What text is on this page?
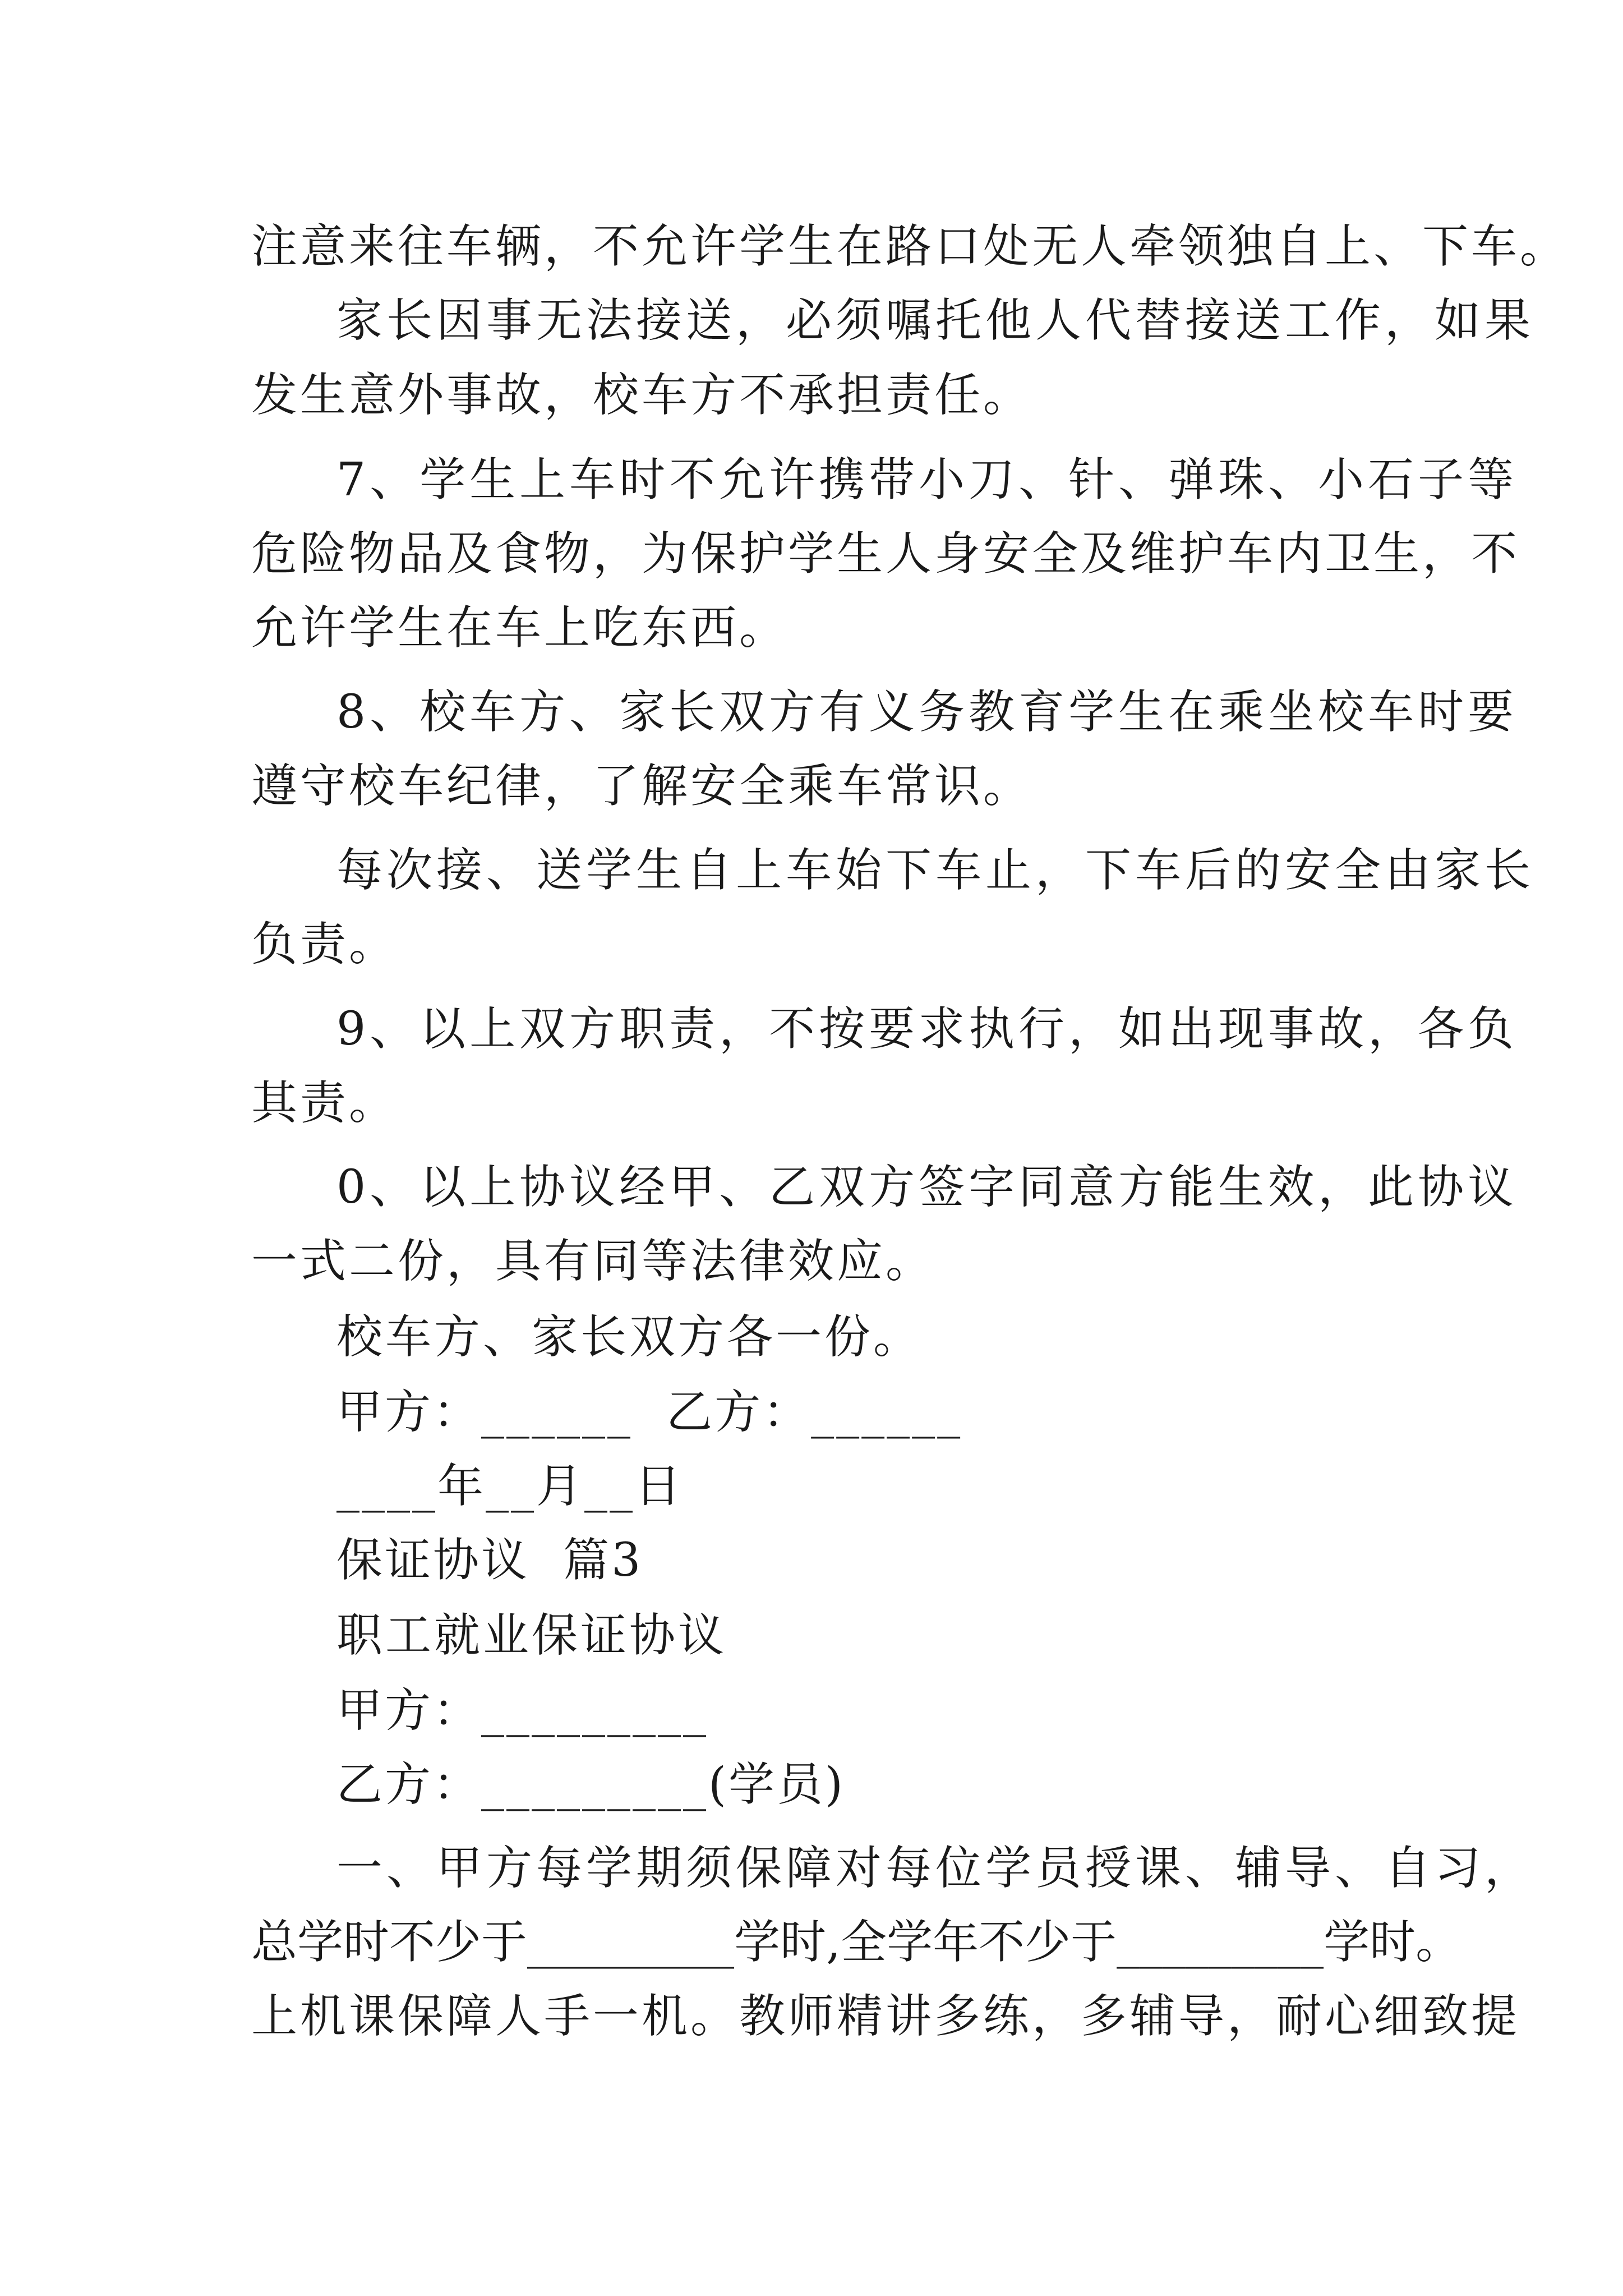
注意来往车辆，不允许学生在路口处无人牵领独自上、下车。
家长因事无法接送，必须嘱托他人代替接送工作，如果
发生意外事故，校车方不承担责任。
7、学生上车时不允许携带小刀、针、弹珠、小石子等
危险物品及食物，为保护学生人身安全及维护车内卫生，不
允许学生在车上吃东西。
8、校车方、家长双方有义务教育学生在乘坐校车时要
遵守校车纪律，了解安全乘车常识。
每次接、送学生自上车始下车止，下车后的安全由家长
负责。
9、以上双方职责，不按要求执行，如出现事故，各负
其责。
0、以上协议经甲、乙双方签字同意方能生效，此协议
一式二份，具有同等法律效应。
校车方、家长双方各一份。
甲方：______  乙方：______
____年__月__日
保证协议  篇3
职工就业保证协议
甲方：_________
乙方：_________(学员)
一、甲方每学期须保障对每位学员授课、辅导、自习，
总学时不少于_________学时,全学年不少于_________学时。
上机课保障人手一机。教师精讲多练，多辅导，耐心细致提
